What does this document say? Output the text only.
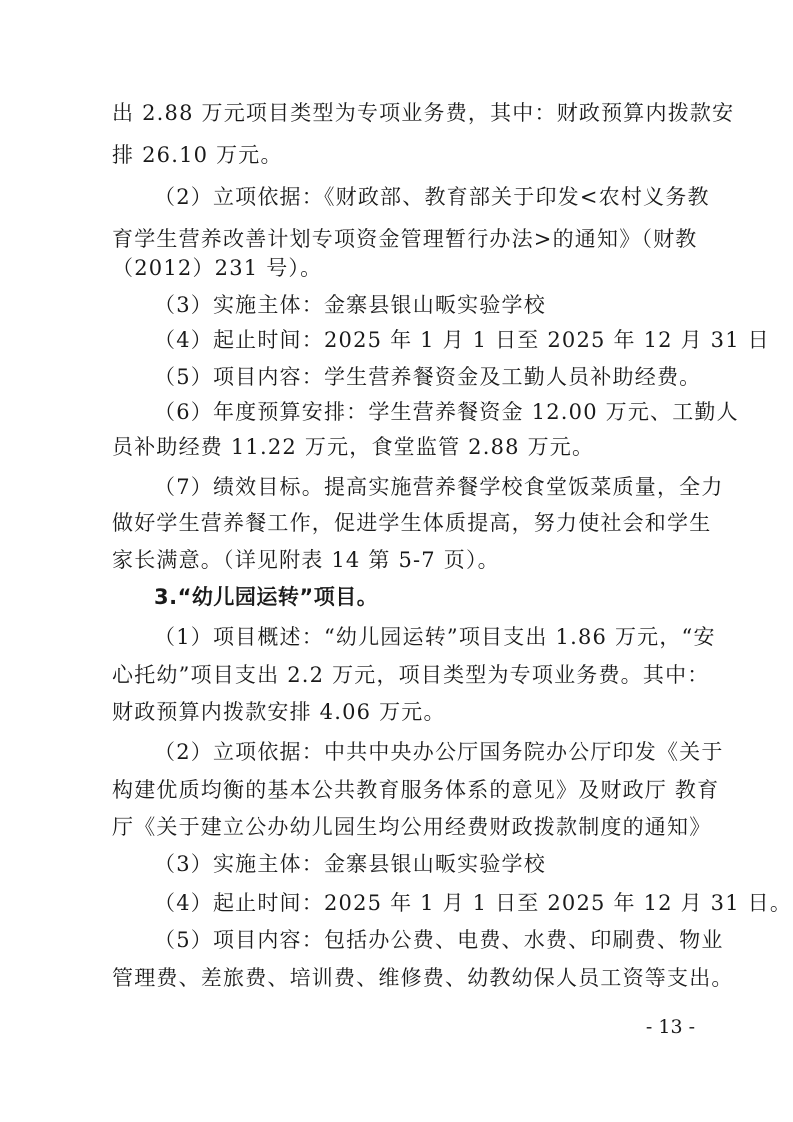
出 2.88 万元项目类型为专项业务费，其中：财政预算内拨款安
排 26.10 万元。
（2）立项依据：《财政部、教育部关于印发<农村义务教
育学生营养改善计划专项资金管理暂行办法>的通知》（财教
（2012）231 号）。
（3）实施主体：金寨县银山畈实验学校
（4）起止时间：2025 年 1 月 1 日至 2025 年 12 月 31 日
（5）项目内容：学生营养餐资金及工勤人员补助经费。
（6）年度预算安排：学生营养餐资金 12.00 万元、工勤人
员补助经费 11.22 万元，食堂监管 2.88 万元。
（7）绩效目标。提高实施营养餐学校食堂饭菜质量，全力
做好学生营养餐工作，促进学生体质提高，努力使社会和学生
家长满意。（详见附表 14 第 5-7 页）。
3.“幼儿园运转”项目。
（1）项目概述：“幼儿园运转”项目支出 1.86 万元，“安
心托幼”项目支出 2.2 万元，项目类型为专项业务费。其中：
财政预算内拨款安排 4.06 万元。
（2）立项依据：中共中央办公厅国务院办公厅印发《关于
构建优质均衡的基本公共教育服务体系的意见》及财政厅 教育
厅《关于建立公办幼儿园生均公用经费财政拨款制度的通知》
（3）实施主体：金寨县银山畈实验学校
（4）起止时间：2025 年 1 月 1 日至 2025 年 12 月 31 日。
（5）项目内容：包括办公费、电费、水费、印刷费、物业
管理费、差旅费、培训费、维修费、幼教幼保人员工资等支出。
- 13 -
